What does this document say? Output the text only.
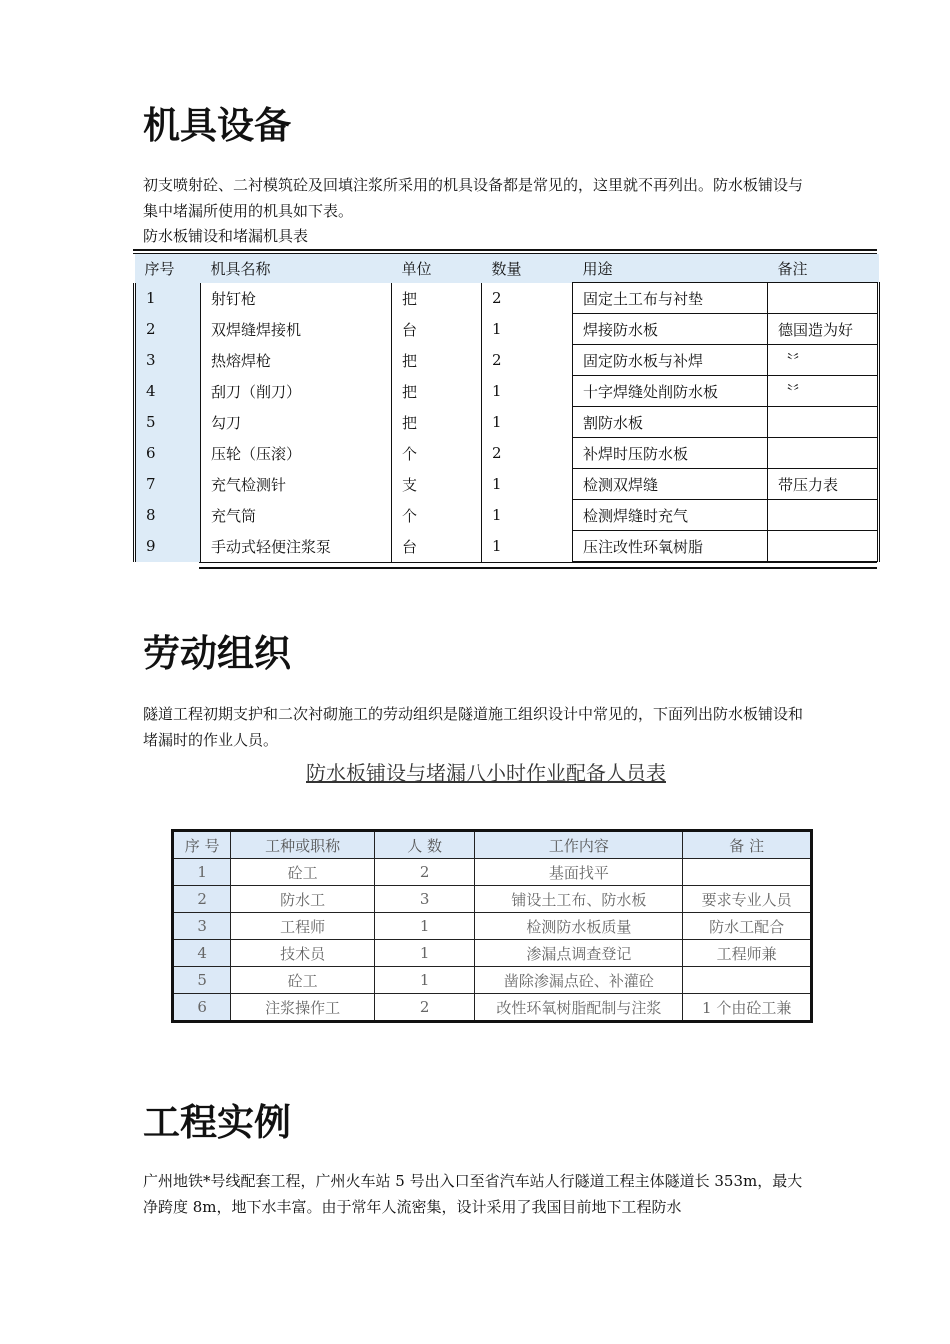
机具设备

初支喷射砼、二衬模筑砼及回填注浆所采用的机具设备都是常见的，这里就不再列出。防水板铺设与集中堵漏所使用的机具如下表。

防水板铺设和堵漏机具表
序号	机具名称	单位	数量	用途	备注
1	射钉枪	把	2	固定土工布与衬垫	
2	双焊缝焊接机	台	1	焊接防水板	德国造为好
3	热熔焊枪	把	2	固定防水板与补焊	〝〞
4	刮刀（削刀）	把	1	十字焊缝处削防水板	〝〞
5	勾刀	把	1	割防水板	
6	压轮（压滚）	个	2	补焊时压防水板	
7	充气检测针	支	1	检测双焊缝	带压力表
8	充气筒	个	1	检测焊缝时充气	
9	手动式轻便注浆泵	台	1	压注改性环氧树脂	
劳动组织

隧道工程初期支护和二次衬砌施工的劳动组织是隧道施工组织设计中常见的，下面列出防水板铺设和堵漏时的作业人员。

防水板铺设与堵漏八小时作业配备人员表
序 号	工种或职称	人 数	工作内容	备 注
1	砼工	2	基面找平	
2	防水工	3	铺设土工布、防水板	要求专业人员
3	工程师	1	检测防水板质量	防水工配合
4	技术员	1	渗漏点调查登记	工程师兼
5	砼工	1	凿除渗漏点砼、补灌砼	
6	注浆操作工	2	改性环氧树脂配制与注浆	1 个由砼工兼
工程实例

广州地铁*号线配套工程，广州火车站 5 号出入口至省汽车站人行隧道工程主体隧道长 353m，最大净跨度 8m，地下水丰富。由于常年人流密集，设计采用了我国目前地下工程防水
